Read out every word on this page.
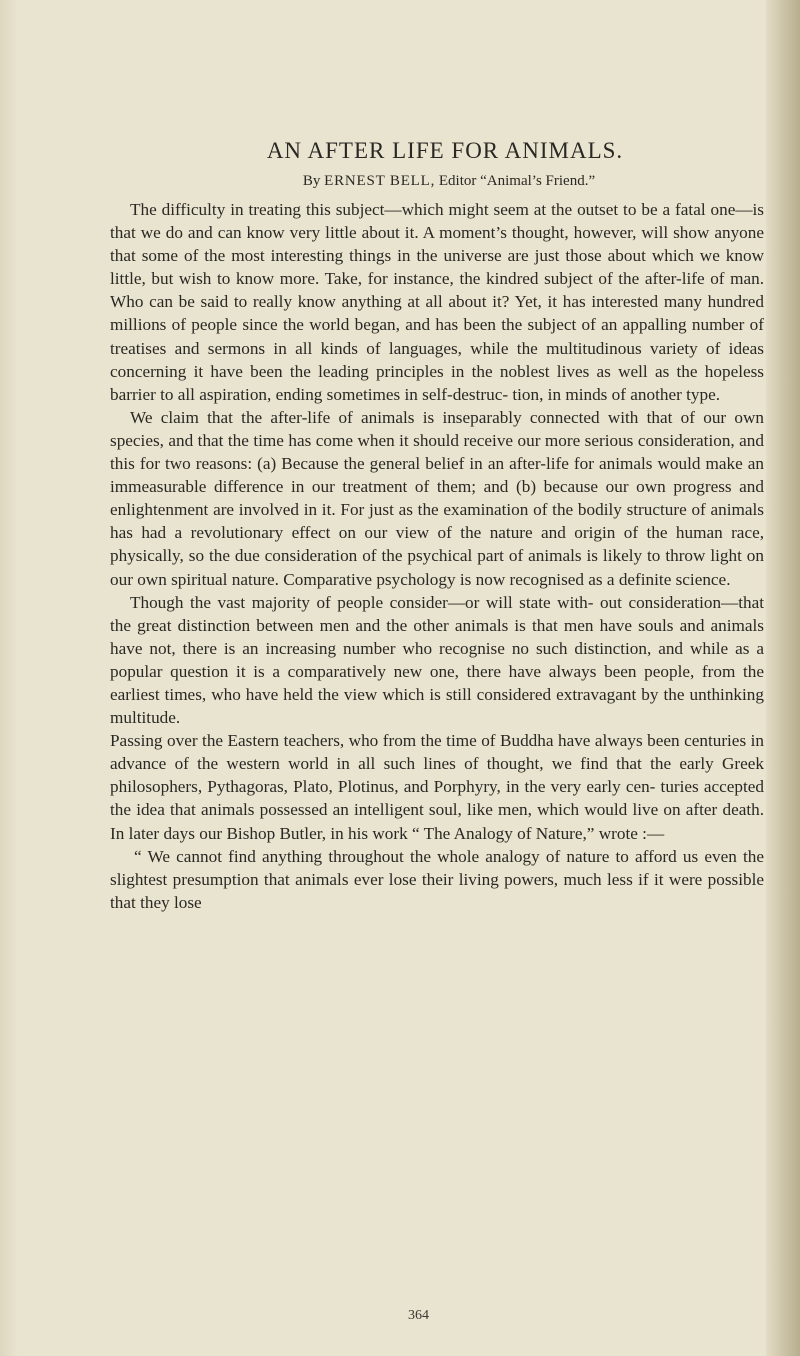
AN AFTER LIFE FOR ANIMALS.
By ERNEST BELL, Editor “Animal’s Friend.”

The difficulty in treating this subject—which might seem at the outset to be a fatal one—is that we do and can know very little about it. A moment’s thought, however, will show anyone that some of the most interesting things in the universe are just those about which we know little, but wish to know more. Take, for instance, the kindred subject of the after-life of man. Who can be said to really know anything at all about it? Yet, it has interested many hundred millions of people since the world began, and has been the subject of an appalling number of treatises and sermons in all kinds of languages, while the multitudinous variety of ideas concerning it have been the leading principles in the noblest lives as well as the hopeless barrier to all aspiration, ending sometimes in self-destruc- tion, in minds of another type.

We claim that the after-life of animals is inseparably connected with that of our own species, and that the time has come when it should receive our more serious consideration, and this for two reasons: (a) Because the general belief in an after-life for animals would make an immeasurable difference in our treatment of them; and (b) because our own progress and enlightenment are involved in it. For just as the examination of the bodily structure of animals has had a revolutionary effect on our view of the nature and origin of the human race, physically, so the due consideration of the psychical part of animals is likely to throw light on our own spiritual nature. Comparative psychology is now recognised as a definite science.

Though the vast majority of people consider—or will state with- out consideration—that the great distinction between men and the other animals is that men have souls and animals have not, there is an increasing number who recognise no such distinction, and while as a popular question it is a comparatively new one, there have always been people, from the earliest times, who have held the view which is still considered extravagant by the unthinking multitude.

Passing over the Eastern teachers, who from the time of Buddha have always been centuries in advance of the western world in all such lines of thought, we find that the early Greek philosophers, Pythagoras, Plato, Plotinus, and Porphyry, in the very early cen- turies accepted the idea that animals possessed an intelligent soul, like men, which would live on after death. In later days our Bishop Butler, in his work “ The Analogy of Nature,” wrote :—

“ We cannot find anything throughout the whole analogy of nature to afford us even the slightest presumption that animals ever lose their living powers, much less if it were possible that they lose

364
